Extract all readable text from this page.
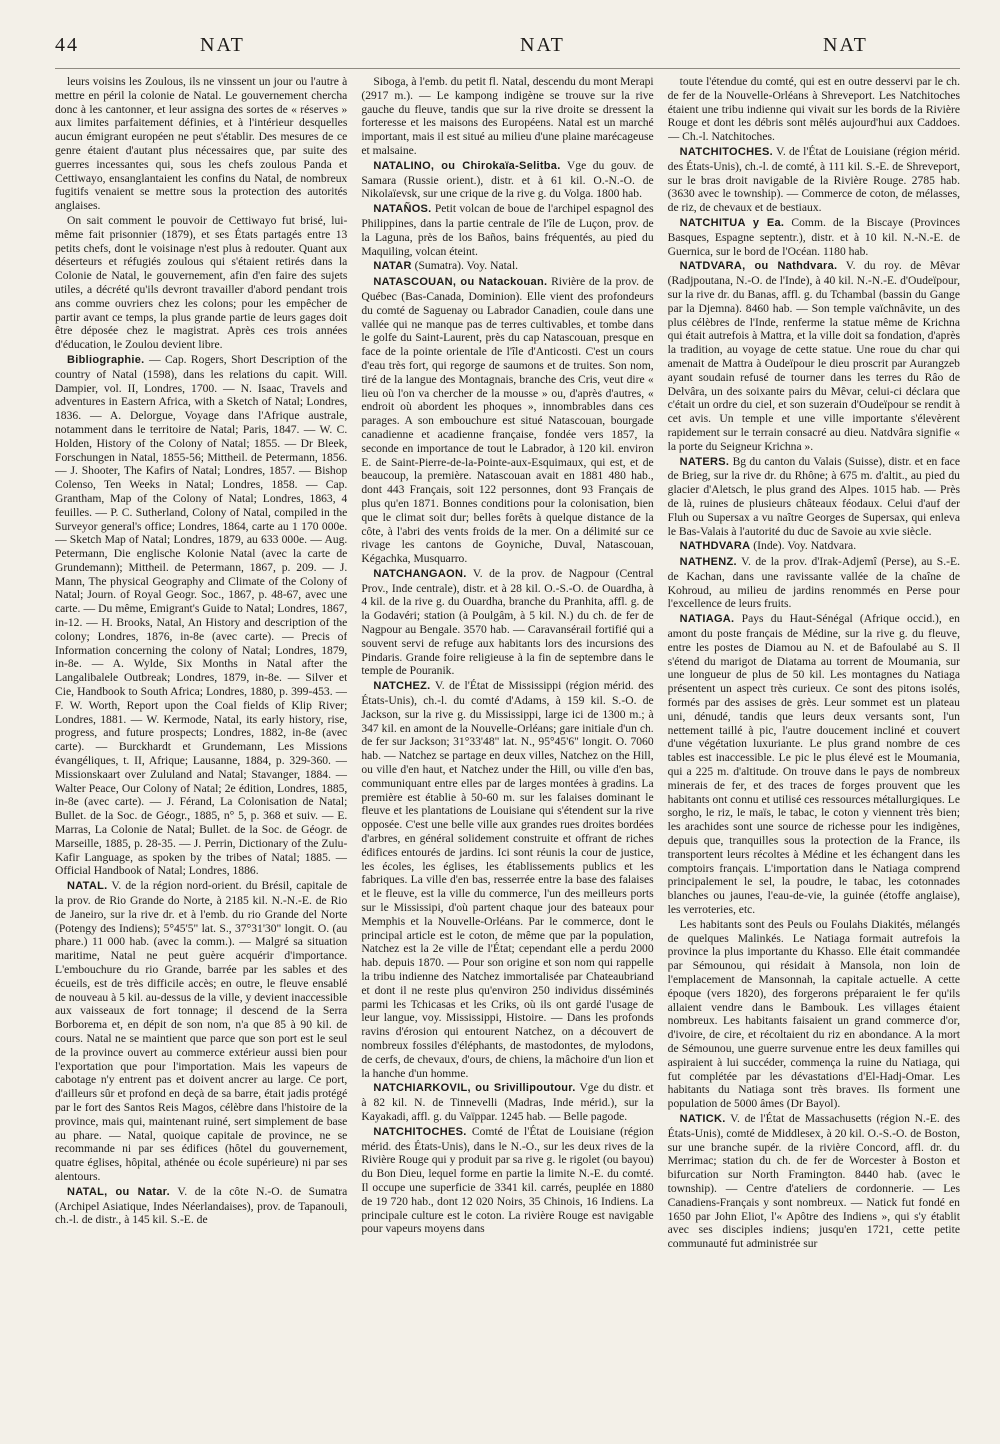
44	NAT	NAT	NAT

leurs voisins les Zoulous, ils ne vinssent un jour ou l'autre à mettre en péril la colonie de Natal. Le gouvernement chercha donc à les cantonner, et leur assigna des sortes de « réserves » aux limites parfaitement définies, et à l'intérieur desquelles aucun émigrant européen ne peut s'établir. Des mesures de ce genre étaient d'autant plus nécessaires que, par suite des guerres incessantes qui, sous les chefs zoulous Panda et Cettiwayo, ensanglantaient les confins du Natal, de nombreux fugitifs venaient se mettre sous la protection des autorités anglaises.

On sait comment le pouvoir de Cettiwayo fut brisé, lui-même fait prisonnier (1879), et ses États partagés entre 13 petits chefs, dont le voisinage n'est plus à redouter. Quant aux déserteurs et réfugiés zoulous qui s'étaient retirés dans la Colonie de Natal, le gouvernement, afin d'en faire des sujets utiles, a décrété qu'ils devront travailler d'abord pendant trois ans comme ouvriers chez les colons; pour les empêcher de partir avant ce temps, la plus grande partie de leurs gages doit être déposée chez le magistrat. Après ces trois années d'éducation, le Zoulou devient libre.

Bibliographie. — Cap. Rogers, Short Description of the country of Natal (1598), dans les relations du capit. Will. Dampier, vol. II, Londres, 1700. — N. Isaac, Travels and adventures in Eastern Africa, with a Sketch of Natal; Londres, 1836. — A. Delorgue, Voyage dans l'Afrique australe, notamment dans le territoire de Natal; Paris, 1847. — W. C. Holden, History of the Colony of Natal; 1855. — Dr Bleek, Forschungen in Natal, 1855-56; Mittheil. de Petermann, 1856. — J. Shooter, The Kafirs of Natal; Londres, 1857. — Bishop Colenso, Ten Weeks in Natal; Londres, 1858. — Cap. Grantham, Map of the Colony of Natal; Londres, 1863, 4 feuilles. — P. C. Sutherland, Colony of Natal, compiled in the Surveyor general's office; Londres, 1864, carte au 1 170 000e. — Sketch Map of Natal; Londres, 1879, au 633 000e. — Aug. Petermann, Die englische Kolonie Natal (avec la carte de Grundemann); Mittheil. de Petermann, 1867, p. 209. — J. Mann, The physical Geography and Climate of the Colony of Natal; Journ. of Royal Geogr. Soc., 1867, p. 48-67, avec une carte. — Du même, Emigrant's Guide to Natal; Londres, 1867, in-12. — H. Brooks, Natal, An History and description of the colony; Londres, 1876, in-8e (avec carte). — Precis of Information concerning the colony of Natal; Londres, 1879, in-8e. — A. Wylde, Six Months in Natal after the Langalibalele Outbreak; Londres, 1879, in-8e. — Silver et Cie, Handbook to South Africa; Londres, 1880, p. 399-453. — F. W. Worth, Report upon the Coal fields of Klip River; Londres, 1881. — W. Kermode, Natal, its early history, rise, progress, and future prospects; Londres, 1882, in-8e (avec carte). — Burckhardt et Grundemann, Les Missions évangéliques, t. II, Afrique; Lausanne, 1884, p. 329-360. — Missionskaart over Zululand and Natal; Stavanger, 1884. — Walter Peace, Our Colony of Natal; 2e édition, Londres, 1885, in-8e (avec carte). — J. Férand, La Colonisation de Natal; Bullet. de la Soc. de Géogr., 1885, n° 5, p. 368 et suiv. — E. Marras, La Colonie de Natal; Bullet. de la Soc. de Géogr. de Marseille, 1885, p. 28-35. — J. Perrin, Dictionary of the Zulu-Kafir Language, as spoken by the tribes of Natal; 1885. — Official Handbook of Natal; Londres, 1886.

NATAL. V. de la région nord-orient. du Brésil, capitale de la prov. de Rio Grande do Norte, à 2185 kil. N.-N.-E. de Rio de Janeiro, sur la rive dr. et à l'emb. du rio Grande del Norte (Potengy des Indiens); 5°45'5" lat. S., 37°31'30" longit. O. (au phare.) 11 000 hab. (avec la comm.). — Malgré sa situation maritime, Natal ne peut guère acquérir d'importance. L'embouchure du rio Grande, barrée par les sables et des écueils, est de très difficile accès; en outre, le fleuve ensablé de nouveau à 5 kil. au-dessus de la ville, y devient inaccessible aux vaisseaux de fort tonnage; il descend de la Serra Borborema et, en dépit de son nom, n'a que 85 à 90 kil. de cours. Natal ne se maintient que parce que son port est le seul de la province ouvert au commerce extérieur aussi bien pour l'exportation que pour l'importation. Mais les vapeurs de cabotage n'y entrent pas et doivent ancrer au large. Ce port, d'ailleurs sûr et profond en deçà de sa barre, était jadis protégé par le fort des Santos Reis Magos, célèbre dans l'histoire de la province, mais qui, maintenant ruiné, sert simplement de base au phare. — Natal, quoique capitale de province, ne se recommande ni par ses édifices (hôtel du gouvernement, quatre églises, hôpital, athénée ou école supérieure) ni par ses alentours.

NATAL, ou Natar. V. de la côte N.-O. de Sumatra (Archipel Asiatique, Indes Néerlandaises), prov. de Tapanouli, ch.-l. de distr., à 145 kil. S.-E. de

Siboga, à l'emb. du petit fl. Natal, descendu du mont Merapi (2917 m.). — Le kampong indigène se trouve sur la rive gauche du fleuve, tandis que sur la rive droite se dressent la forteresse et les maisons des Européens. Natal est un marché important, mais il est situé au milieu d'une plaine marécageuse et malsaine.

NATALINO, ou Chirokaïa-Selitba. Vge du gouv. de Samara (Russie orient.), distr. et à 61 kil. O.-N.-O. de Nikolaïevsk, sur une crique de la rive g. du Volga. 1800 hab.

NATAÑOS. Petit volcan de boue de l'archipel espagnol des Philippines, dans la partie centrale de l'île de Luçon, prov. de la Laguna, près de los Baños, bains fréquentés, au pied du Maquiling, volcan éteint.

NATAR (Sumatra). Voy. Natal.

NATASCOUAN, ou Natackouan. Rivière de la prov. de Québec (Bas-Canada, Dominion). Elle vient des profondeurs du comté de Saguenay ou Labrador Canadien, coule dans une vallée qui ne manque pas de terres cultivables, et tombe dans le golfe du Saint-Laurent, près du cap Natascouan, presque en face de la pointe orientale de l'île d'Anticosti. C'est un cours d'eau très fort, qui regorge de saumons et de truites. Son nom, tiré de la langue des Montagnais, branche des Cris, veut dire « lieu où l'on va chercher de la mousse » ou, d'après d'autres, « endroit où abordent les phoques », innombrables dans ces parages. A son embouchure est situé Natascouan, bourgade canadienne et acadienne française, fondée vers 1857, la seconde en importance de tout le Labrador, à 120 kil. environ E. de Saint-Pierre-de-la-Pointe-aux-Esquimaux, qui est, et de beaucoup, la première. Natascouan avait en 1881 480 hab., dont 443 Français, soit 122 personnes, dont 93 Français de plus qu'en 1871. Bonnes conditions pour la colonisation, bien que le climat soit dur; belles forêts à quelque distance de la côte, à l'abri des vents froids de la mer. On a délimité sur ce rivage les cantons de Goyniche, Duval, Natascouan, Kégachka, Musquarro.

NATCHANGAON. V. de la prov. de Nagpour (Central Prov., Inde centrale), distr. et à 28 kil. O.-S.-O. de Ouardha, à 4 kil. de la rive g. du Ouardha, branche du Pranhita, affl. g. de la Godavéri; station (à Poulgâm, à 5 kil. N.) du ch. de fer de Nagpour au Bengale. 3570 hab. — Caravansérail fortifié qui a souvent servi de refuge aux habitants lors des incursions des Pindaris. Grande foire religieuse à la fin de septembre dans le temple de Pouranik.

NATCHEZ. V. de l'État de Mississippi (région mérid. des États-Unis), ch.-l. du comté d'Adams, à 159 kil. S.-O. de Jackson, sur la rive g. du Mississippi, large ici de 1300 m.; à 347 kil. en amont de la Nouvelle-Orléans; gare initiale d'un ch. de fer sur Jackson; 31°33'48" lat. N., 95°45'6" longit. O. 7060 hab. — Natchez se partage en deux villes, Natchez on the Hill, ou ville d'en haut, et Natchez under the Hill, ou ville d'en bas, communiquant entre elles par de larges montées à gradins. La première est établie à 50-60 m. sur les falaises dominant le fleuve et les plantations de Louisiane qui s'étendent sur la rive opposée. C'est une belle ville aux grandes rues droites bordées d'arbres, en général solidement construite et offrant de riches édifices entourés de jardins. Ici sont réunis la cour de justice, les écoles, les églises, les établissements publics et les fabriques. La ville d'en bas, resserrée entre la base des falaises et le fleuve, est la ville du commerce, l'un des meilleurs ports sur le Mississipi, d'où partent chaque jour des bateaux pour Memphis et la Nouvelle-Orléans. Par le commerce, dont le principal article est le coton, de même que par la population, Natchez est la 2e ville de l'État; cependant elle a perdu 2000 hab. depuis 1870. — Pour son origine et son nom qui rappelle la tribu indienne des Natchez immortalisée par Chateaubriand et dont il ne reste plus qu'environ 250 individus disséminés parmi les Tchicasas et les Criks, où ils ont gardé l'usage de leur langue, voy. Mississippi, Histoire. — Dans les profonds ravins d'érosion qui entourent Natchez, on a découvert de nombreux fossiles d'éléphants, de mastodontes, de mylodons, de cerfs, de chevaux, d'ours, de chiens, la mâchoire d'un lion et la hanche d'un homme.

NATCHIARKOVIL, ou Srivillipoutour. Vge du distr. et à 82 kil. N. de Tinnevelli (Madras, Inde mérid.), sur la Kayakadi, affl. g. du Vaïppar. 1245 hab. — Belle pagode.

NATCHITOCHES. Comté de l'État de Louisiane (région mérid. des États-Unis), dans le N.-O., sur les deux rives de la Rivière Rouge qui y produit par sa rive g. le rigolet (ou bayou) du Bon Dieu, lequel forme en partie la limite N.-E. du comté. Il occupe une superficie de 3341 kil. carrés, peuplée en 1880 de 19 720 hab., dont 12 020 Noirs, 35 Chinois, 16 Indiens. La principale culture est le coton. La rivière Rouge est navigable pour vapeurs moyens dans

toute l'étendue du comté, qui est en outre desservi par le ch. de fer de la Nouvelle-Orléans à Shreveport. Les Natchitoches étaient une tribu indienne qui vivait sur les bords de la Rivière Rouge et dont les débris sont mêlés aujourd'hui aux Caddoes. — Ch.-l. Natchitoches.

NATCHITOCHES. V. de l'État de Louisiane (région mérid. des États-Unis), ch.-l. de comté, à 111 kil. S.-E. de Shreveport, sur le bras droit navigable de la Rivière Rouge. 2785 hab. (3630 avec le township). — Commerce de coton, de mélasses, de riz, de chevaux et de bestiaux.

NATCHITUA y Ea. Comm. de la Biscaye (Provinces Basques, Espagne septentr.), distr. et à 10 kil. N.-N.-E. de Guernica, sur le bord de l'Océan. 1180 hab.

NATDVARA, ou Nathdvara. V. du roy. de Mêvar (Radjpoutana, N.-O. de l'Inde), à 40 kil. N.-N.-E. d'Oudeïpour, sur la rive dr. du Banas, affl. g. du Tchambal (bassin du Gange par la Djemna). 8460 hab. — Son temple vaïchnâvite, un des plus célèbres de l'Inde, renferme la statue même de Krichna qui était autrefois à Mattra, et la ville doit sa fondation, d'après la tradition, au voyage de cette statue. Une roue du char qui amenait de Mattra à Oudeïpour le dieu proscrit par Aurangzeb ayant soudain refusé de tourner dans les terres du Râo de Delvâra, un des soixante pairs du Mêvar, celui-ci déclara que c'était un ordre du ciel, et son suzerain d'Oudeïpour se rendit à cet avis. Un temple et une ville importante s'élevèrent rapidement sur le terrain consacré au dieu. Natdvâra signifie « la porte du Seigneur Krichna ».

NATERS. Bg du canton du Valais (Suisse), distr. et en face de Brieg, sur la rive dr. du Rhône; à 675 m. d'altit., au pied du glacier d'Aletsch, le plus grand des Alpes. 1015 hab. — Près de là, ruines de plusieurs châteaux féodaux. Celui d'auf der Fluh ou Supersax a vu naître Georges de Supersax, qui enleva le Bas-Valais à l'autorité du duc de Savoie au xvie siècle.

NATHDVARA (Inde). Voy. Natdvara.

NATHENZ. V. de la prov. d'Irak-Adjemî (Perse), au S.-E. de Kachan, dans une ravissante vallée de la chaîne de Kohroud, au milieu de jardins renommés en Perse pour l'excellence de leurs fruits.

NATIAGA. Pays du Haut-Sénégal (Afrique occid.), en amont du poste français de Médine, sur la rive g. du fleuve, entre les postes de Diamou au N. et de Bafoulabé au S. Il s'étend du marigot de Diatama au torrent de Moumania, sur une longueur de plus de 50 kil. Les montagnes du Natiaga présentent un aspect très curieux. Ce sont des pitons isolés, formés par des assises de grès. Leur sommet est un plateau uni, dénudé, tandis que leurs deux versants sont, l'un nettement taillé à pic, l'autre doucement incliné et couvert d'une végétation luxuriante. Le plus grand nombre de ces tables est inaccessible. Le pic le plus élevé est le Moumania, qui a 225 m. d'altitude. On trouve dans le pays de nombreux minerais de fer, et des traces de forges prouvent que les habitants ont connu et utilisé ces ressources métallurgiques. Le sorgho, le riz, le maïs, le tabac, le coton y viennent très bien; les arachides sont une source de richesse pour les indigènes, depuis que, tranquilles sous la protection de la France, ils transportent leurs récoltes à Médine et les échangent dans les comptoirs français. L'importation dans le Natiaga comprend principalement le sel, la poudre, le tabac, les cotonnades blanches ou jaunes, l'eau-de-vie, la guinée (étoffe anglaise), les verroteries, etc.

Les habitants sont des Peuls ou Foulahs Diakités, mélangés de quelques Malinkés. Le Natiaga formait autrefois la province la plus importante du Khasso. Elle était commandée par Sémounou, qui résidait à Mansola, non loin de l'emplacement de Mansonnah, la capitale actuelle. A cette époque (vers 1820), des forgerons préparaient le fer qu'ils allaient vendre dans le Bambouk. Les villages étaient nombreux. Les habitants faisaient un grand commerce d'or, d'ivoire, de cire, et récoltaient du riz en abondance. A la mort de Sémounou, une guerre survenue entre les deux familles qui aspiraient à lui succéder, commença la ruine du Natiaga, qui fut complétée par les dévastations d'El-Hadj-Omar. Les habitants du Natiaga sont très braves. Ils forment une population de 5000 âmes (Dr Bayol).

NATICK. V. de l'État de Massachusetts (région N.-E. des États-Unis), comté de Middlesex, à 20 kil. O.-S.-O. de Boston, sur une branche supér. de la rivière Concord, affl. dr. du Merrimac; station du ch. de fer de Worcester à Boston et bifurcation sur North Framington. 8440 hab. (avec le township). — Centre d'ateliers de cordonnerie. — Les Canadiens-Français y sont nombreux. — Natick fut fondé en 1650 par John Eliot, l'« Apôtre des Indiens », qui s'y établit avec ses disciples indiens; jusqu'en 1721, cette petite communauté fut administrée sur
